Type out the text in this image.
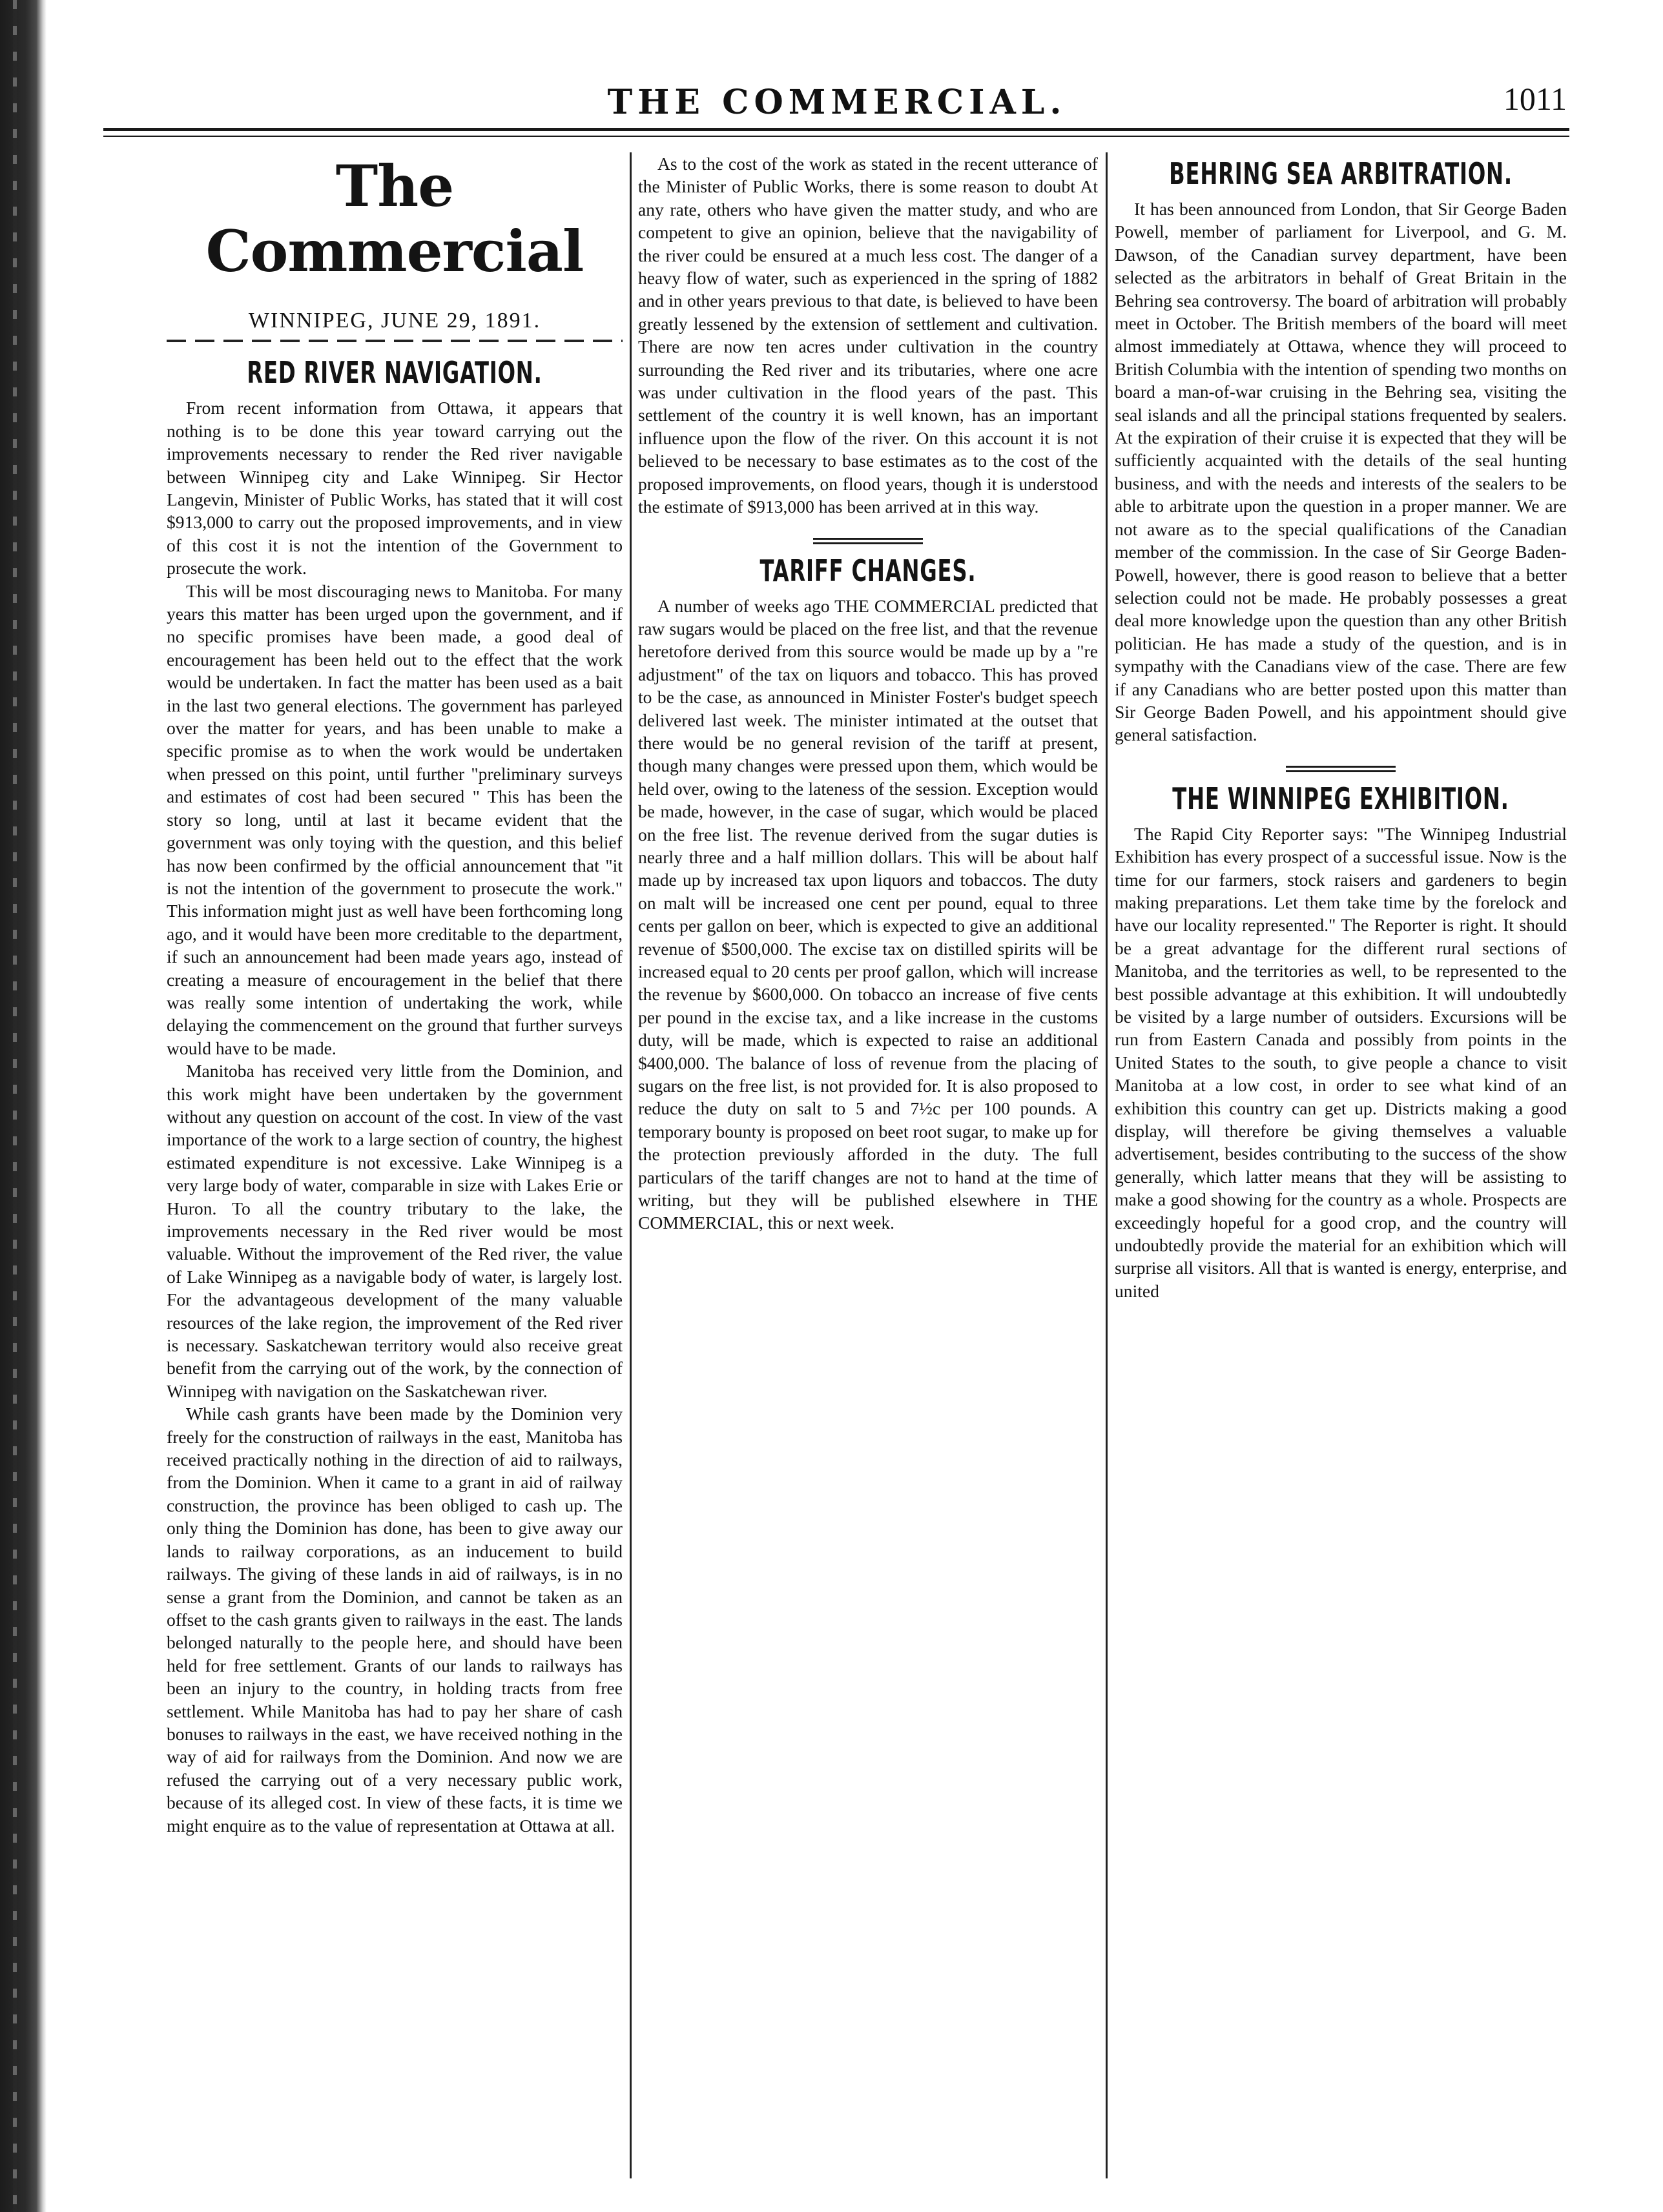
THE COMMERCIAL.	1011
The Commercial
WINNIPEG, JUNE 29, 1891.
RED RIVER NAVIGATION.

From recent information from Ottawa, it appears that nothing is to be done this year toward carrying out the improvements necessary to render the Red river navigable between Winnipeg city and Lake Winnipeg. Sir Hector Langevin, Minister of Public Works, has stated that it will cost $913,000 to carry out the proposed improvements, and in view of this cost it is not the intention of the Government to prosecute the work.

This will be most discouraging news to Manitoba. For many years this matter has been urged upon the government, and if no specific promises have been made, a good deal of encouragement has been held out to the effect that the work would be undertaken. In fact the matter has been used as a bait in the last two general elections. The government has parleyed over the matter for years, and has been unable to make a specific promise as to when the work would be undertaken when pressed on this point, until further "preliminary surveys and estimates of cost had been secured " This has been the story so long, until at last it became evident that the government was only toying with the question, and this belief has now been confirmed by the official announcement that "it is not the intention of the government to prosecute the work." This information might just as well have been forthcoming long ago, and it would have been more creditable to the department, if such an announcement had been made years ago, instead of creating a measure of encouragement in the belief that there was really some intention of undertaking the work, while delaying the commencement on the ground that further surveys would have to be made.

Manitoba has received very little from the Dominion, and this work might have been undertaken by the government without any question on account of the cost. In view of the vast importance of the work to a large section of country, the highest estimated expenditure is not excessive. Lake Winnipeg is a very large body of water, comparable in size with Lakes Erie or Huron. To all the country tributary to the lake, the improvements necessary in the Red river would be most valuable. Without the improvement of the Red river, the value of Lake Winnipeg as a navigable body of water, is largely lost. For the advantageous development of the many valuable resources of the lake region, the improvement of the Red river is necessary. Saskatchewan territory would also receive great benefit from the carrying out of the work, by the connection of Winnipeg with navigation on the Saskatchewan river.

While cash grants have been made by the Dominion very freely for the construction of railways in the east, Manitoba has received practically nothing in the direction of aid to railways, from the Dominion. When it came to a grant in aid of railway construction, the province has been obliged to cash up. The only thing the Dominion has done, has been to give away our lands to railway corporations, as an inducement to build railways. The giving of these lands in aid of railways, is in no sense a grant from the Dominion, and cannot be taken as an offset to the cash grants given to railways in the east. The lands belonged naturally to the people here, and should have been held for free settlement. Grants of our lands to railways has been an injury to the country, in holding tracts from free settlement. While Manitoba has had to pay her share of cash bonuses to railways in the east, we have received nothing in the way of aid for railways from the Dominion. And now we are refused the carrying out of a very necessary public work, because of its alleged cost. In view of these facts, it is time we might enquire as to the value of representation at Ottawa at all.

As to the cost of the work as stated in the recent utterance of the Minister of Public Works, there is some reason to doubt At any rate, others who have given the matter study, and who are competent to give an opinion, believe that the navigability of the river could be ensured at a much less cost. The danger of a heavy flow of water, such as experienced in the spring of 1882 and in other years previous to that date, is believed to have been greatly lessened by the extension of settlement and cultivation. There are now ten acres under cultivation in the country surrounding the Red river and its tributaries, where one acre was under cultivation in the flood years of the past. This settlement of the country it is well known, has an important influence upon the flow of the river. On this account it is not believed to be necessary to base estimates as to the cost of the proposed improvements, on flood years, though it is understood the estimate of $913,000 has been arrived at in this way.

TARIFF CHANGES.

A number of weeks ago THE COMMERCIAL predicted that raw sugars would be placed on the free list, and that the revenue heretofore derived from this source would be made up by a "re adjustment" of the tax on liquors and tobacco. This has proved to be the case, as announced in Minister Foster's budget speech delivered last week. The minister intimated at the outset that there would be no general revision of the tariff at present, though many changes were pressed upon them, which would be held over, owing to the lateness of the session. Exception would be made, however, in the case of sugar, which would be placed on the free list. The revenue derived from the sugar duties is nearly three and a half million dollars. This will be about half made up by increased tax upon liquors and tobaccos. The duty on malt will be increased one cent per pound, equal to three cents per gallon on beer, which is expected to give an additional revenue of $500,000. The excise tax on distilled spirits will be increased equal to 20 cents per proof gallon, which will increase the revenue by $600,000. On tobacco an increase of five cents per pound in the excise tax, and a like increase in the customs duty, will be made, which is expected to raise an additional $400,000. The balance of loss of revenue from the placing of sugars on the free list, is not provided for. It is also proposed to reduce the duty on salt to 5 and 7½c per 100 pounds. A temporary bounty is proposed on beet root sugar, to make up for the protection previously afforded in the duty. The full particulars of the tariff changes are not to hand at the time of writing, but they will be published elsewhere in THE COMMERCIAL, this or next week.

BEHRING SEA ARBITRATION.

It has been announced from London, that Sir George Baden Powell, member of parliament for Liverpool, and G. M. Dawson, of the Canadian survey department, have been selected as the arbitrators in behalf of Great Britain in the Behring sea controversy. The board of arbitration will probably meet in October. The British members of the board will meet almost immediately at Ottawa, whence they will proceed to British Columbia with the intention of spending two months on board a man-of-war cruising in the Behring sea, visiting the seal islands and all the principal stations frequented by sealers. At the expiration of their cruise it is expected that they will be sufficiently acquainted with the details of the seal hunting business, and with the needs and interests of the sealers to be able to arbitrate upon the question in a proper manner. We are not aware as to the special qualifications of the Canadian member of the commission. In the case of Sir George Baden-Powell, however, there is good reason to believe that a better selection could not be made. He probably possesses a great deal more knowledge upon the question than any other British politician. He has made a study of the question, and is in sympathy with the Canadians view of the case. There are few if any Canadians who are better posted upon this matter than Sir George Baden Powell, and his appointment should give general satisfaction.

THE WINNIPEG EXHIBITION.

The Rapid City Reporter says: "The Winnipeg Industrial Exhibition has every prospect of a successful issue. Now is the time for our farmers, stock raisers and gardeners to begin making preparations. Let them take time by the forelock and have our locality represented." The Reporter is right. It should be a great advantage for the different rural sections of Manitoba, and the territories as well, to be represented to the best possible advantage at this exhibition. It will undoubtedly be visited by a large number of outsiders. Excursions will be run from Eastern Canada and possibly from points in the United States to the south, to give people a chance to visit Manitoba at a low cost, in order to see what kind of an exhibition this country can get up. Districts making a good display, will therefore be giving themselves a valuable advertisement, besides contributing to the success of the show generally, which latter means that they will be assisting to make a good showing for the country as a whole. Prospects are exceedingly hopeful for a good crop, and the country will undoubtedly provide the material for an exhibition which will surprise all visitors. All that is wanted is energy, enterprise, and united
